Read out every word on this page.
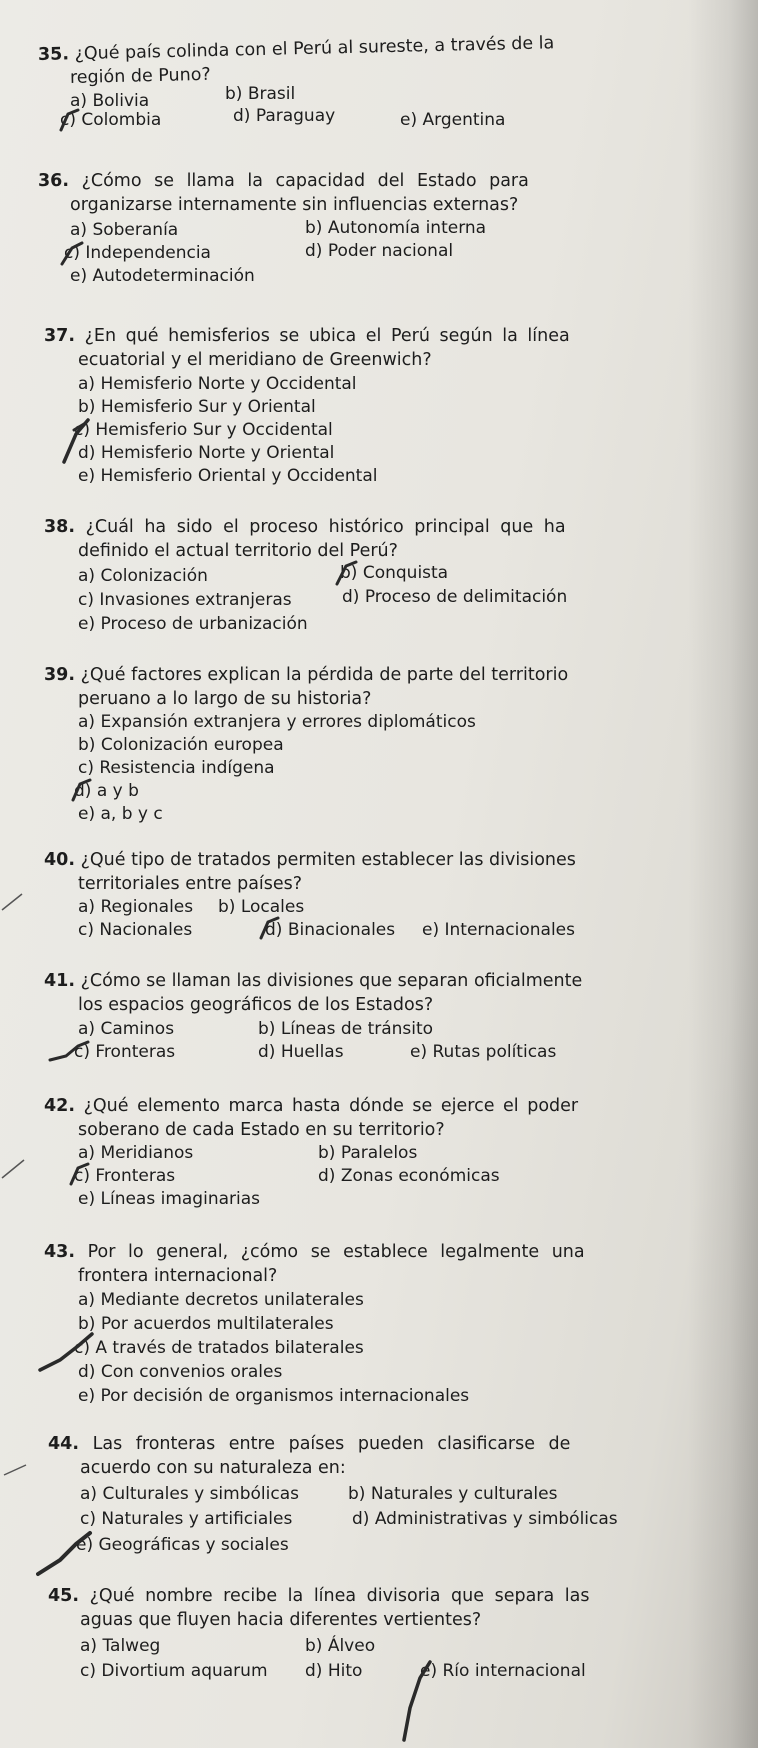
35. ¿Qué país colinda con el Perú al sureste, a través de la
región de Puno?
a) Bolivia	b) Brasil
c) Colombia	d) Paraguay	e) Argentina
36. ¿Cómo se llama la capacidad del Estado para
organizarse internamente sin influencias externas?
a) Soberanía	b) Autonomía interna
c) Independencia	d) Poder nacional
e) Autodeterminación
37. ¿En qué hemisferios se ubica el Perú según la línea
ecuatorial y el meridiano de Greenwich?
a) Hemisferio Norte y Occidental
b) Hemisferio Sur y Oriental
c) Hemisferio Sur y Occidental
d) Hemisferio Norte y Oriental
e) Hemisferio Oriental y Occidental
38. ¿Cuál ha sido el proceso histórico principal que ha
definido el actual territorio del Perú?
a) Colonización	b) Conquista
c) Invasiones extranjeras	d) Proceso de delimitación
e) Proceso de urbanización
39. ¿Qué factores explican la pérdida de parte del territorio
peruano a lo largo de su historia?
a) Expansión extranjera y errores diplomáticos
b) Colonización europea
c) Resistencia indígena
d) a y b
e) a, b y c
40. ¿Qué tipo de tratados permiten establecer las divisiones
territoriales entre países?
a) Regionales b) Locales
c) Nacionales	d) Binacionales e) Internacionales
41. ¿Cómo se llaman las divisiones que separan oficialmente
los espacios geográficos de los Estados?
a) Caminos	b) Líneas de tránsito
c) Fronteras	d) Huellas	e) Rutas políticas
42. ¿Qué elemento marca hasta dónde se ejerce el poder
soberano de cada Estado en su territorio?
a) Meridianos	b) Paralelos
c) Fronteras	d) Zonas económicas
e) Líneas imaginarias
43. Por lo general, ¿cómo se establece legalmente una
frontera internacional?
a) Mediante decretos unilaterales
b) Por acuerdos multilaterales
c) A través de tratados bilaterales
d) Con convenios orales
e) Por decisión de organismos internacionales
44. Las fronteras entre países pueden clasificarse de
acuerdo con su naturaleza en:
a) Culturales y simbólicas	b) Naturales y culturales
c) Naturales y artificiales	d) Administrativas y simbólicas
e) Geográficas y sociales
45. ¿Qué nombre recibe la línea divisoria que separa las
aguas que fluyen hacia diferentes vertientes?
a) Talweg	b) Álveo
c) Divortium aquarum d) Hito	e) Río internacional
